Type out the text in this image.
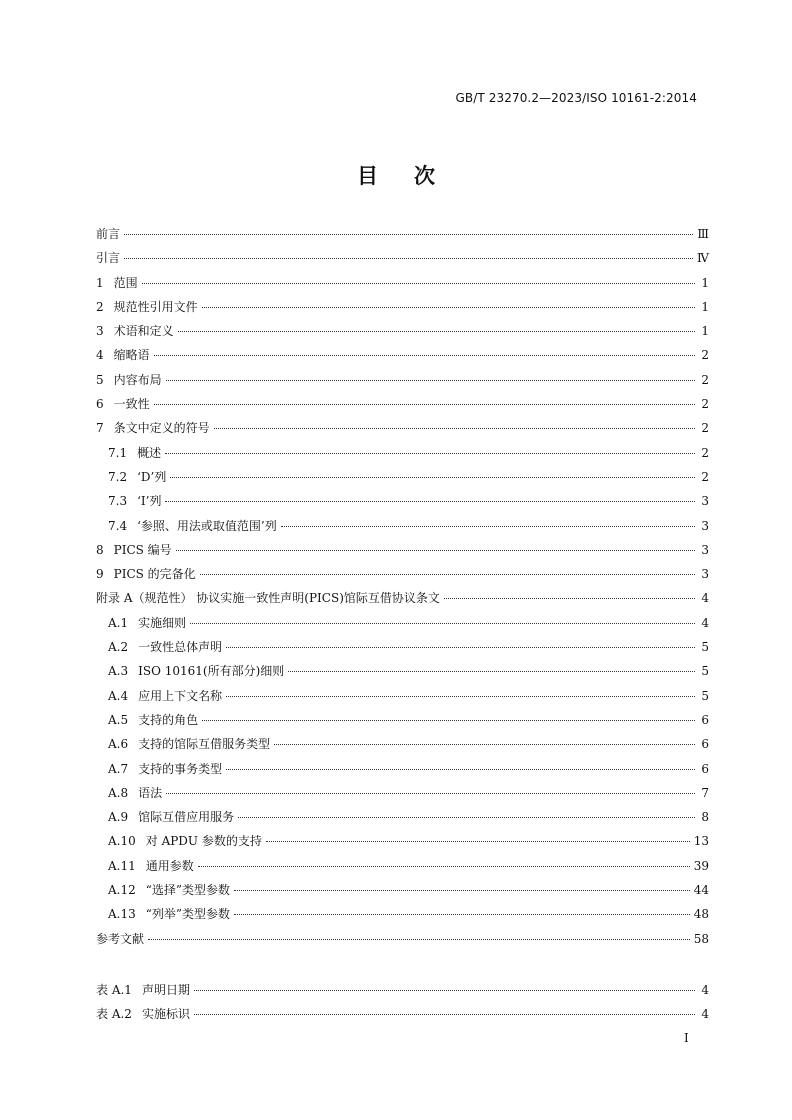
GB/T 23270.2—2023/ISO 10161-2:2014
目 次
前言	Ⅲ
引言	Ⅳ
1 范围	1
2 规范性引用文件	1
3 术语和定义	1
4 缩略语	2
5 内容布局	2
6 一致性	2
7 条文中定义的符号	2
7.1 概述	2
7.2 ‘D’列	2
7.3 ‘I’列	3
7.4 ‘参照、用法或取值范围’列	3
8 PICS 编号	3
9 PICS 的完备化	3
附录 A（规范性） 协议实施一致性声明(PICS)馆际互借协议条文	4
A.1 实施细则	4
A.2 一致性总体声明	5
A.3 ISO 10161(所有部分)细则	5
A.4 应用上下文名称	5
A.5 支持的角色	6
A.6 支持的馆际互借服务类型	6
A.7 支持的事务类型	6
A.8 语法	7
A.9 馆际互借应用服务	8
A.10 对 APDU 参数的支持	13
A.11 通用参数	39
A.12 “选择”类型参数	44
A.13 “列举”类型参数	48
参考文献	58
表 A.1 声明日期	4
表 A.2 实施标识	4
I
